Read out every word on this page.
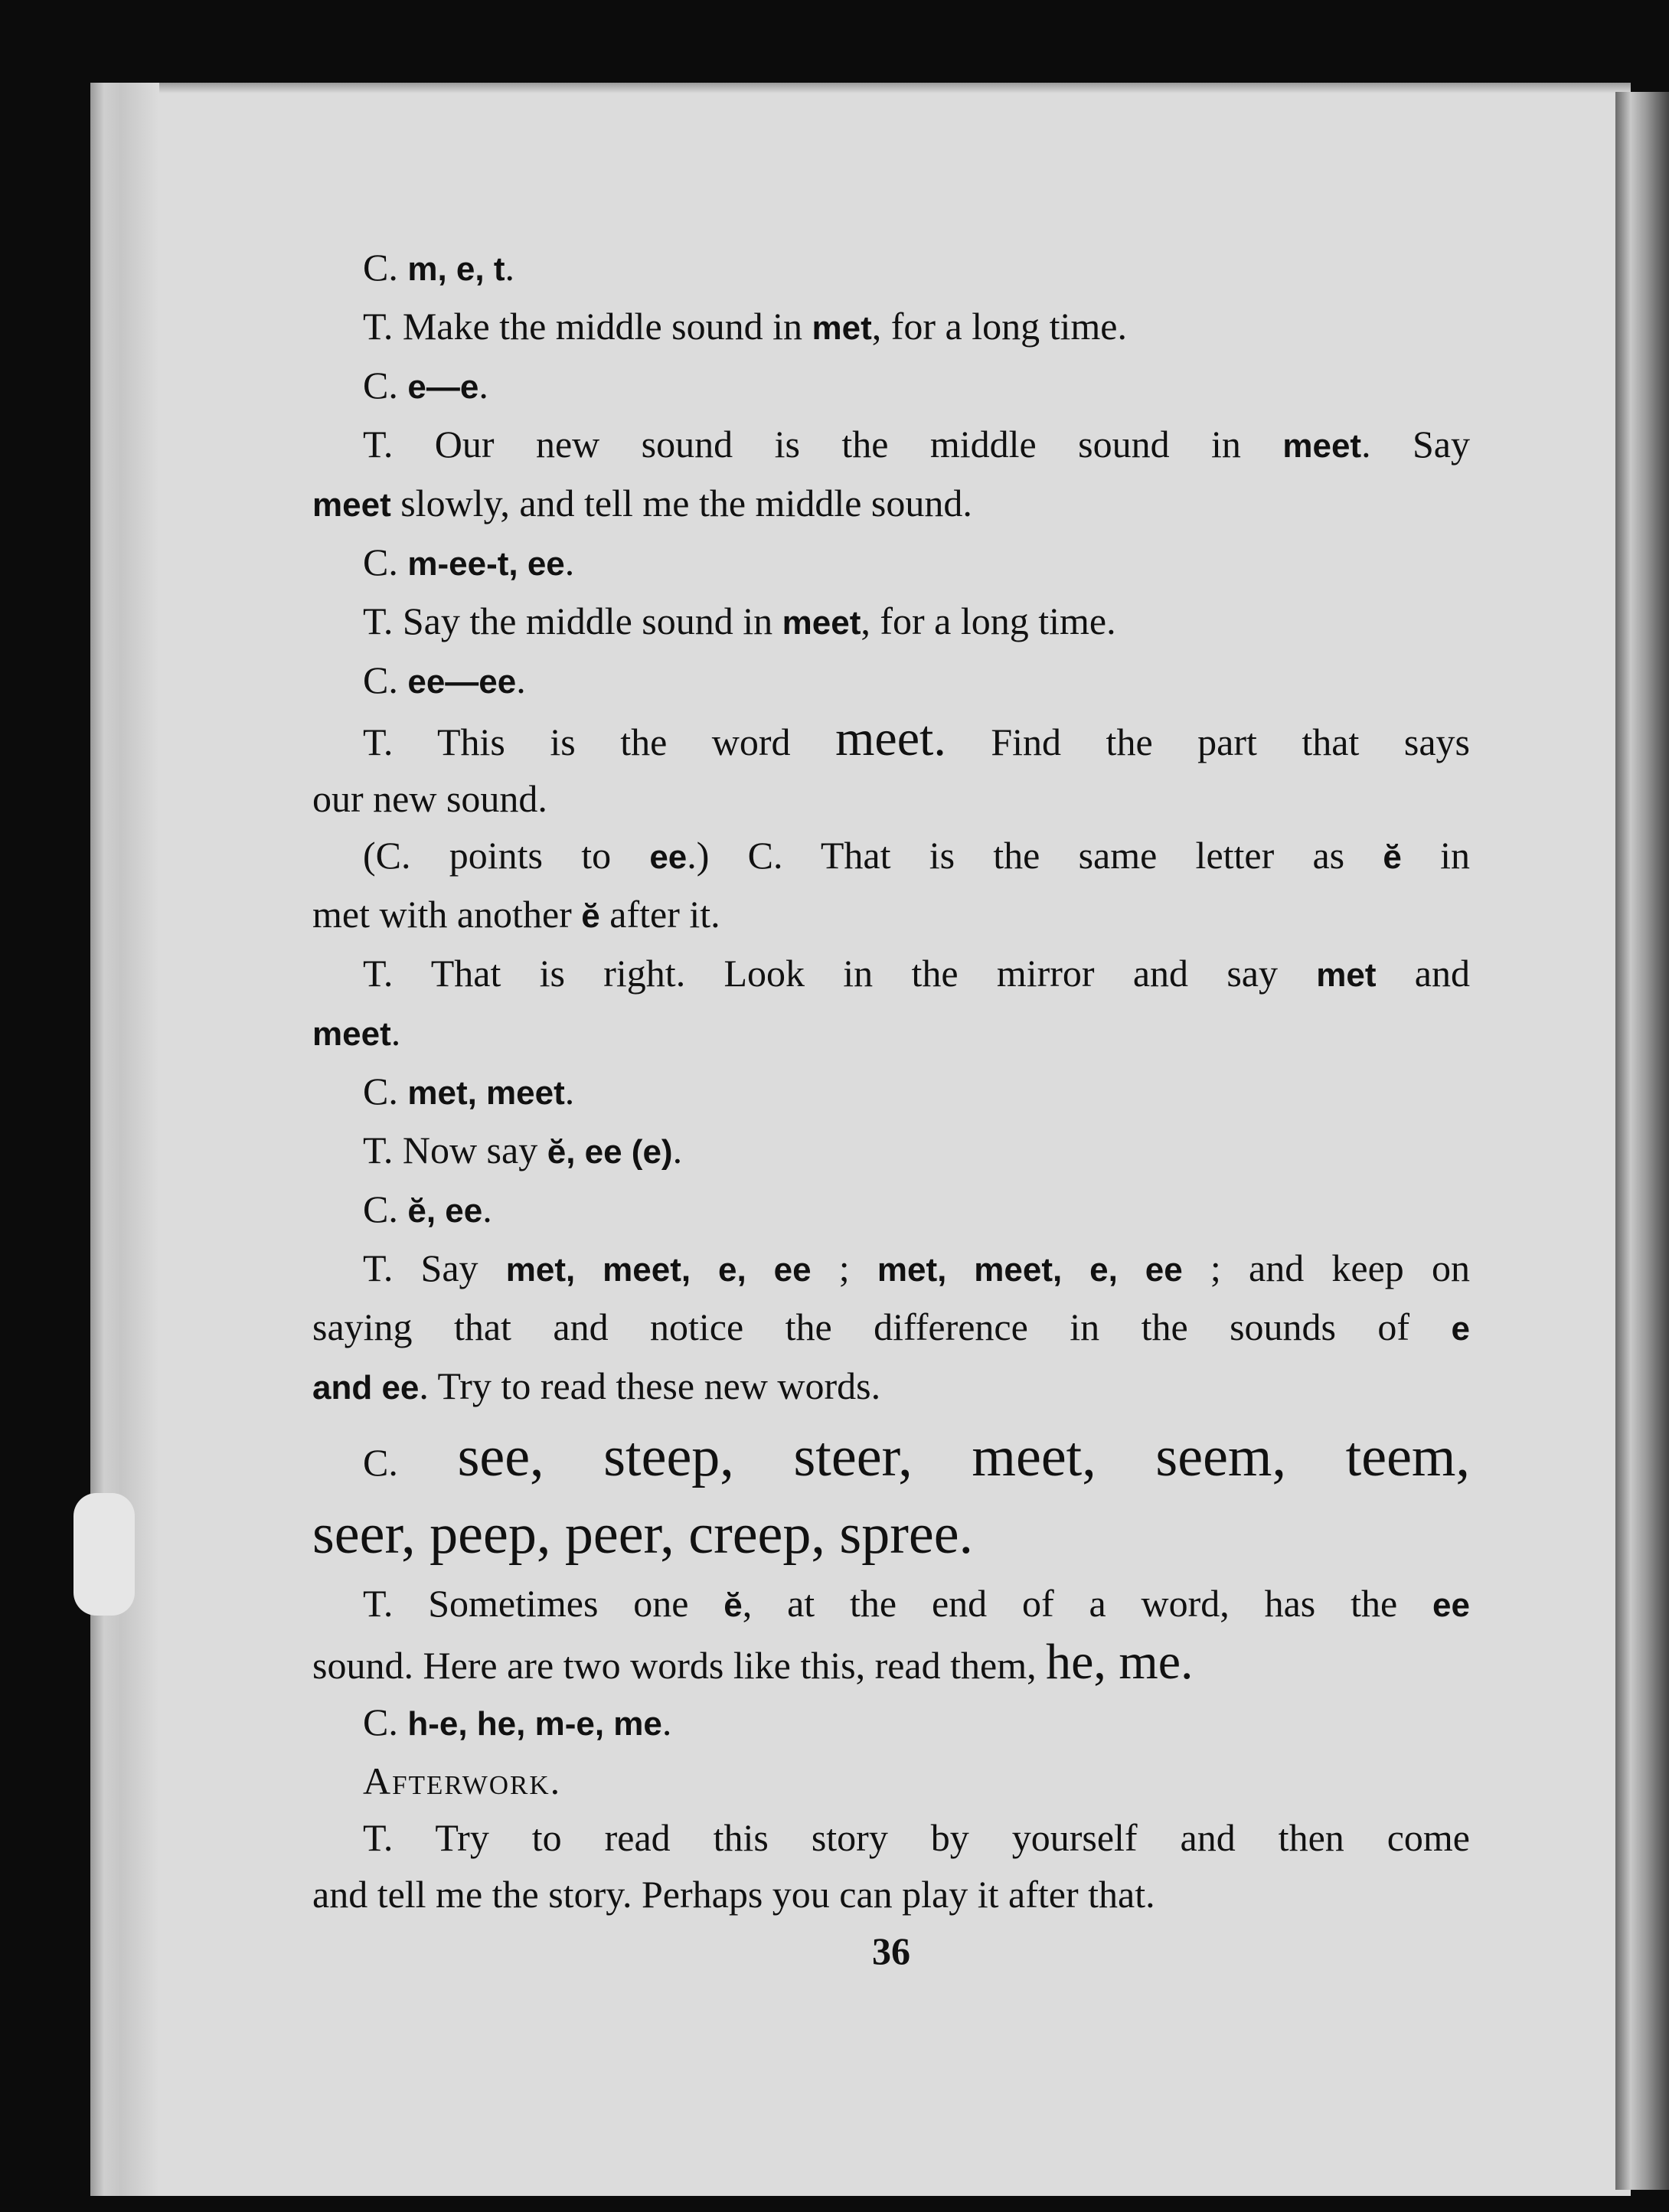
C. m, e, t.

T. Make the middle sound in met, for a long time.

C. e—e.

T. Our new sound is the middle sound in meet. Say

meet slowly, and tell me the middle sound.

C. m-ee-t, ee.

T. Say the middle sound in meet, for a long time.

C. ee—ee.

T. This is the word meet. Find the part that says

our new sound.

(C. points to ee.) C. That is the same letter as ĕ in

met with another ĕ after it.

T. That is right. Look in the mirror and say met and

meet.

C. met, meet.

T. Now say ĕ, ee (e).

C. ĕ, ee.

T. Say met, meet, e, ee ; met, meet, e, ee ; and keep on

saying that and notice the difference in the sounds of e

and ee. Try to read these new words.

C. see, steep, steer, meet, seem, teem,

seer, peep, peer, creep, spree.

T. Sometimes one ĕ, at the end of a word, has the ee

sound. Here are two words like this, read them, he, me.

C. h-e, he, m-e, me.

Afterwork.

T. Try to read this story by yourself and then come

and tell me the story. Perhaps you can play it after that.

36
